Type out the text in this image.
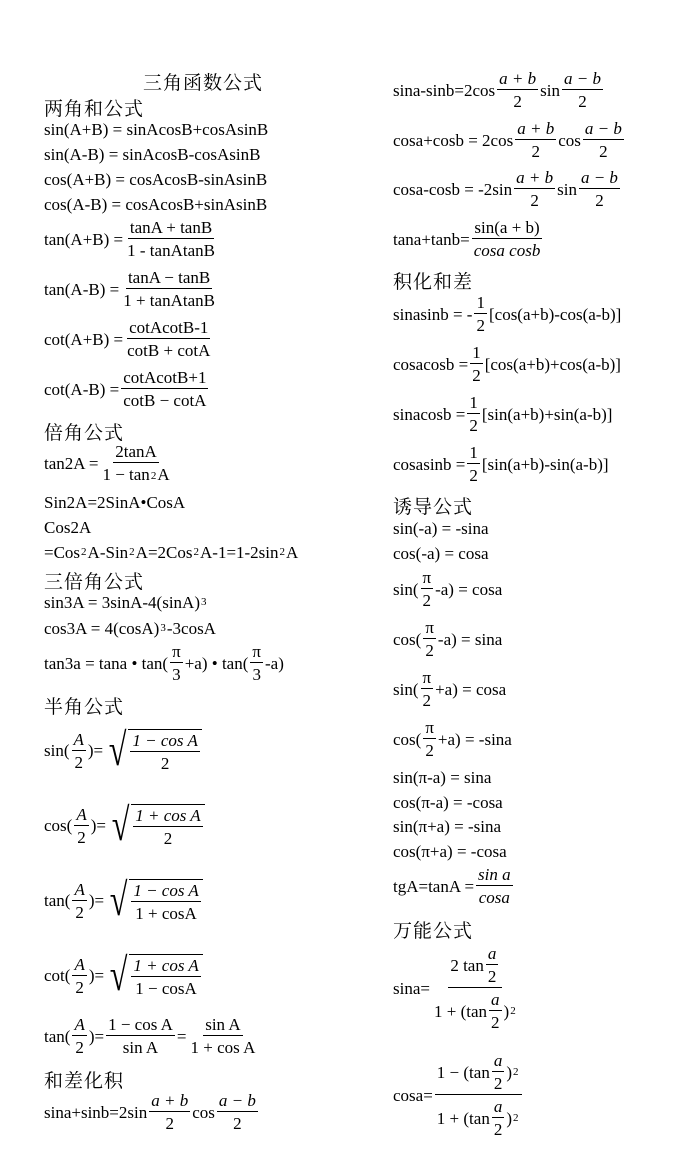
三角函数公式
两角和公式
sin(A+B) = sinAcosB+cosAsinB
sin(A-B) = sinAcosB-cosAsinB
cos(A+B) = cosAcosB-sinAsinB
cos(A-B) = cosAcosB+sinAsinB
$\tan(A+B) = \frac{\tan A + \tan B}{\text{1 - tanAtanB}}$
$\tan(A-B) = \frac{\tan A - \tan B}{\text{1 + tanAtanB}}$
$\cot(A+B) = \frac{\text{cotAcotB-1}}{\cot B + \cot A}$
$\cot(A-B) = \frac{\text{cotAcotB+1}}{\cot B - \cot A}$
倍角公式
$\tan 2A = \frac{2\tan A}{1 - \tan 2A}$
Sin2A=2SinA•CosA
Cos2A
=Cos 2 A-Sin 2 A=2Cos 2 A-1=1-2sin 2 A
三倍角公式
sin3A = 3sinA-4(sinA) 3
cos3A = 4(cosA) 3 -3cosA
tan3a = tana • $\tan( \frac{\pi}{3} +a)$ • $\tan( \frac{\pi}{3} -a)$
半角公式
$\sin( \frac{A}{2}$ )= √ $\frac{\text{1 − cos A}}{2}$
$\cos( \frac{A}{2}$ )= √ $\frac{\text{1 + cos A}}{2}$
$\tan( \frac{A}{2}$ )= √ $\frac{\text{1 − cos A}}{1 + \cos A}$
$\cot( \frac{A}{2}$ )= √ $\frac{\text{1 + cos A}}{1 - \cos A}$
$\tan( \frac{A}{2}$ )= $\frac{\text{1 − cos A}}{\text{sin A}} = \frac{\text{sin A}}{\text{1 + cos A}}$
和差化积
$\sin a+\sin b=2\sin \frac{a + b}{2}$ $\cos \frac{a - b}{2}$
$\sin a-\sin b=2\cos \frac{a + b}{2}$ $\sin \frac{a - b}{2}$
$\cos a+\cos b = 2\cos \frac{a + b}{2}$ $\cos \frac{a - b}{2}$
$\cos a-\cos b = -2\sin \frac{a + b}{2}$ $\sin \frac{a - b}{2}$
$\tan a+\tan b= \frac{\sin(a + b)}{\text{cosa cosb}}$
积化和差
sinasinb = - $\frac{1}{2} [\cos(a+b)-\cos(a-b)]$
cosacosb = $\frac{1}{2} [\cos(a+b)+\cos(a-b)]$
sinacosb = $\frac{1}{2} [\sin(a+b)+\sin(a-b)]$
cosasinb = $\frac{1}{2} [\sin(a+b)-\sin(a-b)]$
诱导公式
sin(-a) = -sina
cos(-a) = cosa
$\sin( \frac{\pi}{2} -a) = \cos a$
$\cos( \frac{\pi}{2} -a) = \sin a$
$\sin( \frac{\pi}{2} +a) = \cos a$
$\cos( \frac{\pi}{2} +a) = -\sin a$
sin(π-a) = sina
cos(π-a) = -cosa
sin(π+a) = -sina
cos(π+a) = -cosa
$tgA=\tan A = \frac{\text{sin a}}{\cos a}$
万能公式
$\sin a= \frac{2 \tan \frac{a}{2}}{1 + (\tan \frac{a}{2} ) 2}$
$\cos a= \frac{1 - (\tan \frac{a}{2} ) 2}{1 + (\tan \frac{a}{2} ) 2}$
